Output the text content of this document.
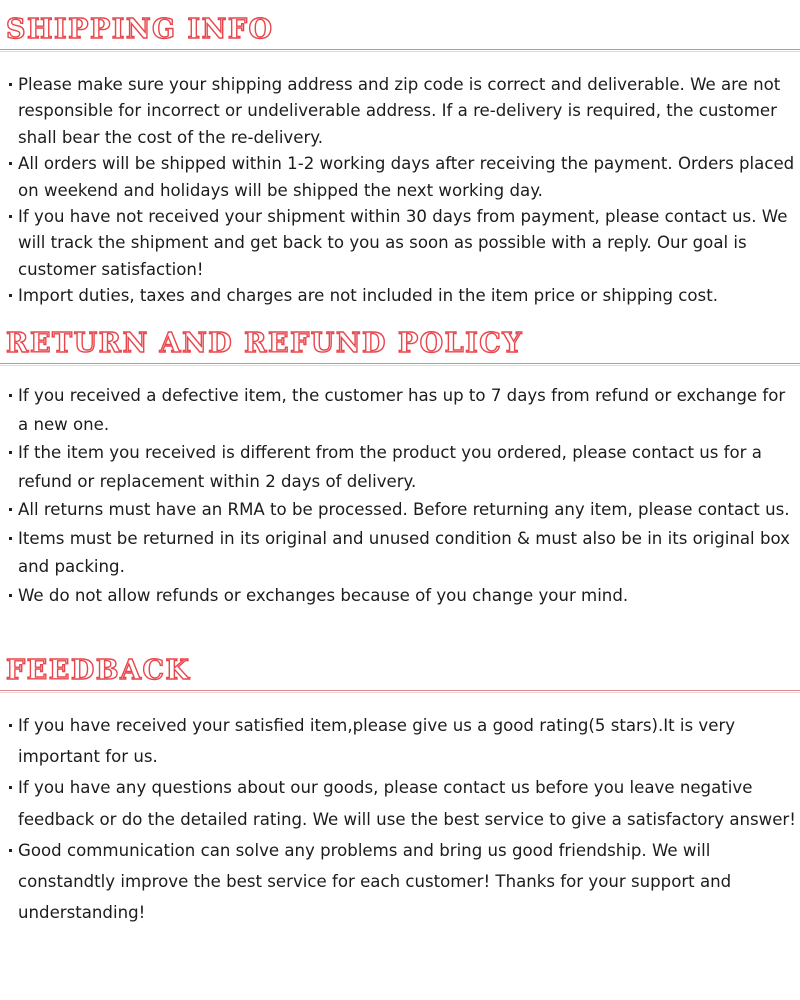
SHIPPING INFO
Please make sure your shipping address and zip code is correct and deliverable. We are not responsible for incorrect or undeliverable address. If a re-delivery is required, the customer shall bear the cost of the re-delivery.
All orders will be shipped within 1-2 working days after receiving the payment. Orders placed on weekend and holidays will be shipped the next working day.
If you have not received your shipment within 30 days from payment, please contact us. We will track the shipment and get back to you as soon as possible with a reply. Our goal is customer satisfaction!
Import duties, taxes and charges are not included in the item price or shipping cost.
RETURN AND REFUND POLICY
If you received a defective item, the customer has up to 7 days from refund or exchange for a new one.
If the item you received is different from the product you ordered, please contact us for a refund or replacement within 2 days of delivery.
All returns must have an RMA to be processed. Before returning any item, please contact us.
Items must be returned in its original and unused condition & must also be in its original box and packing.
We do not allow refunds or exchanges because of you change your mind.
FEEDBACK
If you have received your satisfied item,please give us a good rating(5 stars).It is very important for us.
If you have any questions about our goods, please contact us before you leave negative feedback or do the detailed rating. We will use the best service to give a satisfactory answer!
Good communication can solve any problems and bring us good friendship. We will constandtly improve the best service for each customer! Thanks for your support and understanding!
